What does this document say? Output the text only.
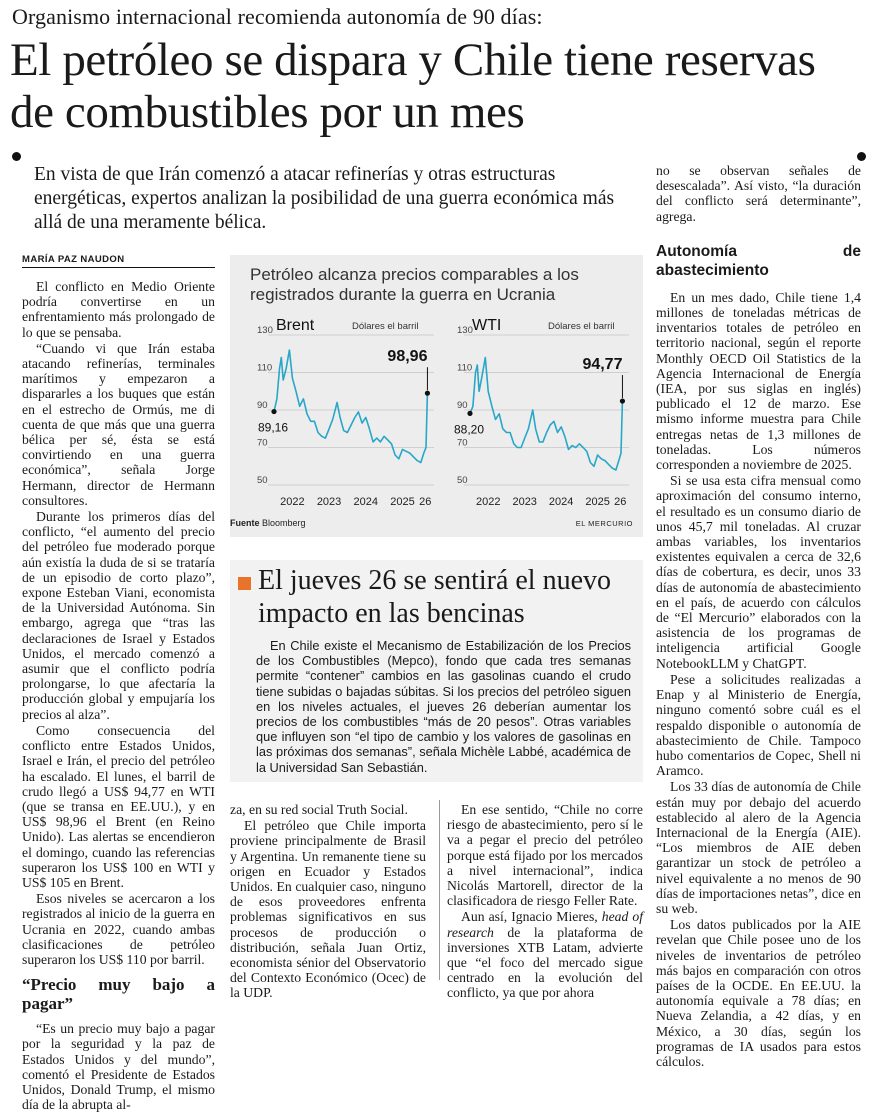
Organismo internacional recomienda autonomía de 90 días:
El petróleo se dispara y Chile tiene reservas de combustibles por un mes
En vista de que Irán comenzó a atacar refinerías y otras estructuras energéticas, expertos analizan la posibilidad de una guerra económica más allá de una meramente bélica.
MARÍA PAZ NAUDON

El conflicto en Medio Oriente podría convertirse en un enfrentamiento más prolongado de lo que se pensaba.

“Cuando vi que Irán estaba atacando refinerías, terminales marítimos y empezaron a dispararles a los buques que están en el estrecho de Ormús, me di cuenta de que más que una guerra bélica per sé, ésta se está convirtiendo en una guerra económica”, señala Jorge Hermann, director de Hermann consultores.

Durante los primeros días del conflicto, “el aumento del precio del petróleo fue moderado porque aún existía la duda de si se trataría de un episodio de corto plazo”, expone Esteban Viani, economista de la Universidad Autónoma. Sin embargo, agrega que “tras las declaraciones de Israel y Estados Unidos, el mercado comenzó a asumir que el conflicto podría prolongarse, lo que afectaría la producción global y empujaría los precios al alza”.

Como consecuencia del conflicto entre Estados Unidos, Israel e Irán, el precio del petróleo ha escalado. El lunes, el barril de crudo llegó a US$ 94,77 en WTI (que se transa en EE.UU.), y en US$ 98,96 el Brent (en Reino Unido). Las alertas se encendieron el domingo, cuando las referencias superaron los US$ 100 en WTI y US$ 105 en Brent.

Esos niveles se acercaron a los registrados al inicio de la guerra en Ucrania en 2022, cuando ambas clasificaciones de petróleo superaron los US$ 110 por barril.

“Precio muy bajo a pagar”

“Es un precio muy bajo a pagar por la seguridad y la paz de Estados Unidos y del mundo”, comentó el Presidente de Estados Unidos, Donald Trump, el mismo día de la abrupta al-

za, en su red social Truth Social.

El petróleo que Chile importa proviene principalmente de Brasil y Argentina. Un remanente tiene su origen en Ecuador y Estados Unidos. En cualquier caso, ninguno de esos proveedores enfrenta problemas significativos en sus procesos de producción o distribución, señala Juan Ortiz, economista sénior del Observatorio del Contexto Económico (Ocec) de la UDP.

En ese sentido, “Chile no corre riesgo de abastecimiento, pero sí le va a pegar el precio del petróleo porque está fijado por los mercados a nivel internacional”, indica Nicolás Martorell, director de la clasificadora de riesgo Feller Rate.

Aun así, Ignacio Mieres, head of research de la plataforma de inversiones XTB Latam, advierte que “el foco del mercado sigue centrado en la evolución del conflicto, ya que por ahora

no se observan señales de desescalada”. Así visto, “la duración del conflicto será determinante”, agrega.

Autonomía de abastecimiento

En un mes dado, Chile tiene 1,4 millones de toneladas métricas de inventarios totales de petróleo en territorio nacional, según el reporte Monthly OECD Oil Statistics de la Agencia Internacional de Energía (IEA, por sus siglas en inglés) publicado el 12 de marzo. Ese mismo informe muestra para Chile entregas netas de 1,3 millones de toneladas. Los números corresponden a noviembre de 2025.

Si se usa esta cifra mensual como aproximación del consumo interno, el resultado es un consumo diario de unos 45,7 mil toneladas. Al cruzar ambas variables, los inventarios existentes equivalen a cerca de 32,6 días de cobertura, es decir, unos 33 días de autonomía de abastecimiento en el país, de acuerdo con cálculos de “El Mercurio” elaborados con la asistencia de los programas de inteligencia artificial Google NotebookLLM y ChatGPT.

Pese a solicitudes realizadas a Enap y al Ministerio de Energía, ninguno comentó sobre cuál es el respaldo disponible o autonomía de abastecimiento de Chile. Tampoco hubo comentarios de Copec, Shell ni Aramco.

Los 33 días de autonomía de Chile están muy por debajo del acuerdo establecido al alero de la Agencia Internacional de la Energía (AIE). “Los miembros de AIE deben garantizar un stock de petróleo a nivel equivalente a no menos de 90 días de importaciones netas”, dice en su web.

Los datos publicados por la AIE revelan que Chile posee uno de los niveles de inventarios de petróleo más bajos en comparación con otros países de la OCDE. En EE.UU. la autonomía equivale a 78 días; en Nueva Zelandia, a 42 días, y en México, a 30 días, según los programas de IA usados para estos cálculos.

Petróleo alcanza precios comparables a los registrados durante la guerra en Ucrania
Brent	Dólares el barril
130
110
90
70
50
2022 2023 2024 2025 26
89,16
98,96
WTI	Dólares el barril
130
110
90
70
50
2022 2023 2024 2025 26
88,20
94,77
Fuente Bloomberg	EL MERCURIO
El jueves 26 se sentirá el nuevo impacto en las bencinas

En Chile existe el Mecanismo de Estabilización de los Precios de los Combustibles (Mepco), fondo que cada tres semanas permite “contener” cambios en las gasolinas cuando el crudo tiene subidas o bajadas súbitas. Si los precios del petróleo siguen en los niveles actuales, el jueves 26 deberían aumentar los precios de los combustibles “más de 20 pesos”. Otras variables que influyen son “el tipo de cambio y los valores de gasolinas en las próximas dos semanas”, señala Michèle Labbé, académica de la Universidad San Sebastián.
